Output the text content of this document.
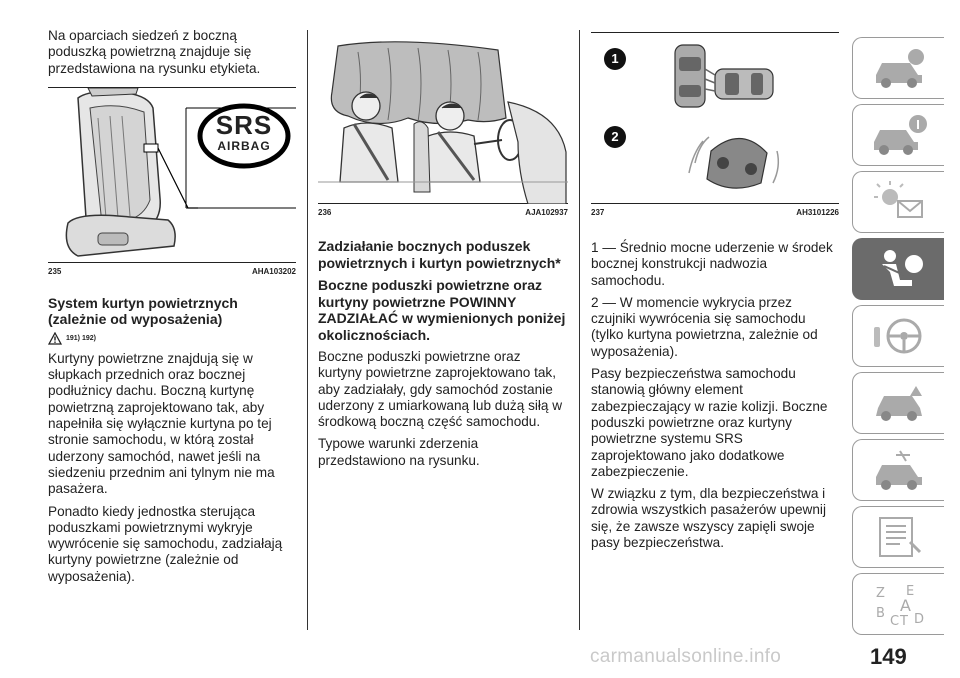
Na oparciach siedzeń z boczną poduszką powietrzną znajduje się przedstawiona na rysunku etykieta.

SRS
AIRBAG
235	AHA103202
System kurtyn powietrznych (zależnie od wyposażenia)
191) 192)

Kurtyny powietrzne znajdują się w słupkach przednich oraz bocznej podłużnicy dachu. Boczną kurtynę powietrzną zaprojektowano tak, aby napełniła się wyłącznie kurtyna po tej stronie samochodu, w którą został uderzony samochód, nawet jeśli na siedzeniu przednim ani tylnym nie ma pasażera.

Ponadto kiedy jednostka sterująca poduszkami powietrznymi wykryje wywrócenie się samochodu, zadziałają kurtyny powietrzne (zależnie od wyposażenia).

236	AJA102937
Zadziałanie bocznych poduszek powietrznych i kurtyn powietrznych*
Boczne poduszki powietrzne oraz kurtyny powietrzne POWINNY ZADZIAŁAĆ w wymienionych poniżej okolicznościach.

Boczne poduszki powietrzne oraz kurtyny powietrzne zaprojektowano tak, aby zadziałały, gdy samochód zostanie uderzony z umiarkowaną lub dużą siłą w środkową boczną część samochodu.

Typowe warunki zderzenia przedstawiono na rysunku.

1
2
237	AH3101226

1 — Średnio mocne uderzenie w środek bocznej konstrukcji nadwozia samochodu.

2 — W momencie wykrycia przez czujniki wywrócenia się samochodu (tylko kurtyna powietrzna, zależnie od wyposażenia).

Pasy bezpieczeństwa samochodu stanowią główny element zabezpieczający w razie kolizji. Boczne poduszki powietrzne oraz kurtyny powietrzne systemu SRS zaprojektowano jako dodatkowe zabezpieczenie.

W związku z tym, dla bezpieczeństwa i zdrowia wszystkich pasażerów upewnij się, że zawsze wszyscy zapięli swoje pasy bezpieczeństwa.

Z E
A
B
C T D
carmanualsonline.info	149
